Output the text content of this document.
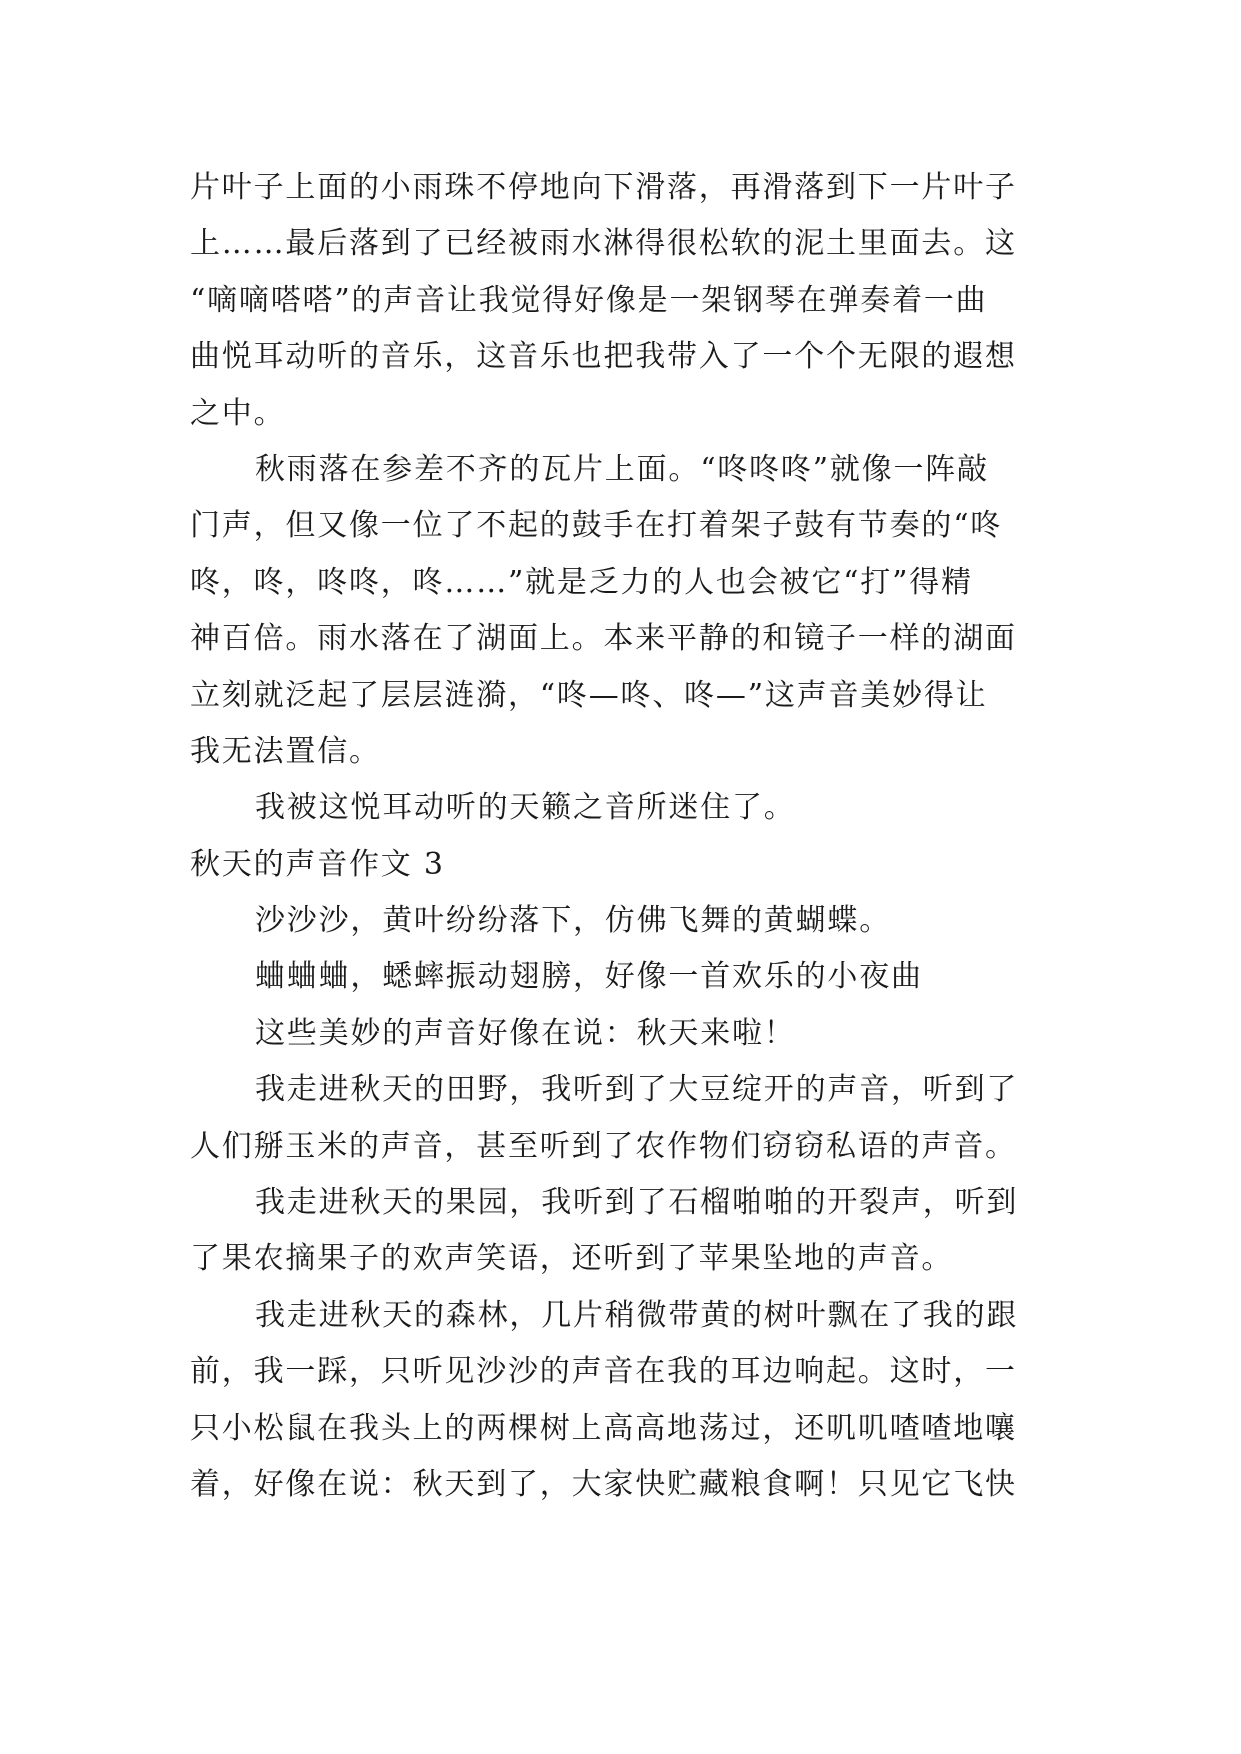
片叶子上面的小雨珠不停地向下滑落，再滑落到下一片叶子
上……最后落到了已经被雨水淋得很松软的泥土里面去。这
“嘀嘀嗒嗒”的声音让我觉得好像是一架钢琴在弹奏着一曲
曲悦耳动听的音乐，这音乐也把我带入了一个个无限的遐想
之中。
秋雨落在参差不齐的瓦片上面。“咚咚咚”就像一阵敲
门声，但又像一位了不起的鼓手在打着架子鼓有节奏的“咚
咚，咚，咚咚，咚……”就是乏力的人也会被它“打”得精
神百倍。雨水落在了湖面上。本来平静的和镜子一样的湖面
立刻就泛起了层层涟漪，“咚—咚、咚—”这声音美妙得让
我无法置信。
我被这悦耳动听的天籁之音所迷住了。
秋天的声音作文 3
沙沙沙，黄叶纷纷落下，仿佛飞舞的黄蝴蝶。
蛐蛐蛐，蟋蟀振动翅膀，好像一首欢乐的小夜曲
这些美妙的声音好像在说：秋天来啦！
我走进秋天的田野，我听到了大豆绽开的声音，听到了
人们掰玉米的声音，甚至听到了农作物们窃窃私语的声音。
我走进秋天的果园，我听到了石榴啪啪的开裂声，听到
了果农摘果子的欢声笑语，还听到了苹果坠地的声音。
我走进秋天的森林，几片稍微带黄的树叶飘在了我的跟
前，我一踩，只听见沙沙的声音在我的耳边响起。这时，一
只小松鼠在我头上的两棵树上高高地荡过，还叽叽喳喳地嚷
着，好像在说：秋天到了，大家快贮藏粮食啊！只见它飞快
